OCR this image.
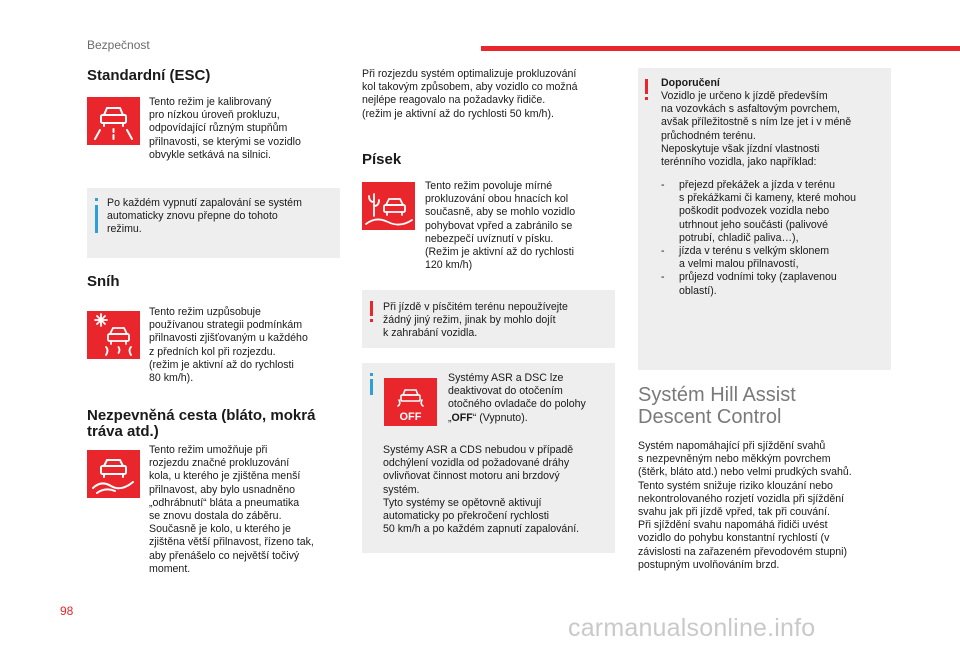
Bezpečnost
Standardní (ESC)
Tento režim je kalibrovaný
pro nízkou úroveň prokluzu,
odpovídající různým stupňům
přilnavosti, se kterými se vozidlo
obvykle setkává na silnici.
Po každém vypnutí zapalování se systém
automaticky znovu přepne do tohoto
režimu.
Sníh
Tento režim uzpůsobuje
používanou strategii podmínkám
přilnavosti zjišťovaným u každého
z předních kol při rozjezdu.
(režim je aktivní až do rychlosti
80 km/h).
Nezpevněná cesta (bláto, mokrá
tráva atd.)
Tento režim umožňuje při
rozjezdu značné prokluzování
kola, u kterého je zjištěna menší
přilnavost, aby bylo usnadněno
„odhrábnutí“ bláta a pneumatika
se znovu dostala do záběru.
Současně je kolo, u kterého je
zjištěna větší přilnavost, řízeno tak,
aby přenášelo co největší točivý
moment.
Při rozjezdu systém optimalizuje prokluzování
kol takovým způsobem, aby vozidlo co možná
nejlépe reagovalo na požadavky řidiče.
(režim je aktivní až do rychlosti 50 km/h).
Písek
Tento režim povoluje mírné
prokluzování obou hnacích kol
současně, aby se mohlo vozidlo
pohybovat vpřed a zabránilo se
nebezpečí uvíznutí v písku.
(Režim je aktivní až do rychlosti
120 km/h)
Při jízdě v písčitém terénu nepoužívejte
žádný jiný režim, jinak by mohlo dojít
k zahrabání vozidla.
OFF
Systémy ASR a DSC lze
deaktivovat do otočením
otočného ovladače do polohy
„OFF“ (Vypnuto).
Systémy ASR a CDS nebudou v případě
odchýlení vozidla od požadované dráhy
ovlivňovat činnost motoru ani brzdový
systém.
Tyto systémy se opětovně aktivují
automaticky po překročení rychlosti
50 km/h a po každém zapnutí zapalování.
Doporučení
Vozidlo je určeno k jízdě především
na vozovkách s asfaltovým povrchem,
avšak příležitostně s ním lze jet i v méně
průchodném terénu.
Neposkytuje však jízdní vlastnosti
terénního vozidla, jako například:
- přejezd překážek a jízda v terénu
s překážkami či kameny, které mohou
poškodit podvozek vozidla nebo
utrhnout jeho součásti (palivové
potrubí, chladič paliva…),
- jízda v terénu s velkým sklonem
a velmi malou přilnavostí,
- průjezd vodními toky (zaplavenou
oblastí).
Systém Hill Assist
Descent Control
Systém napomáhající při sjíždění svahů
s nezpevněným nebo měkkým povrchem
(štěrk, bláto atd.) nebo velmi prudkých svahů.
Tento systém snižuje riziko klouzání nebo
nekontrolovaného rozjetí vozidla při sjíždění
svahu jak při jízdě vpřed, tak při couvání.
Při sjíždění svahu napomáhá řidiči uvést
vozidlo do pohybu konstantní rychlostí (v
závislosti na zařazeném převodovém stupni)
postupným uvolňováním brzd.
98
carmanualsonline.info
